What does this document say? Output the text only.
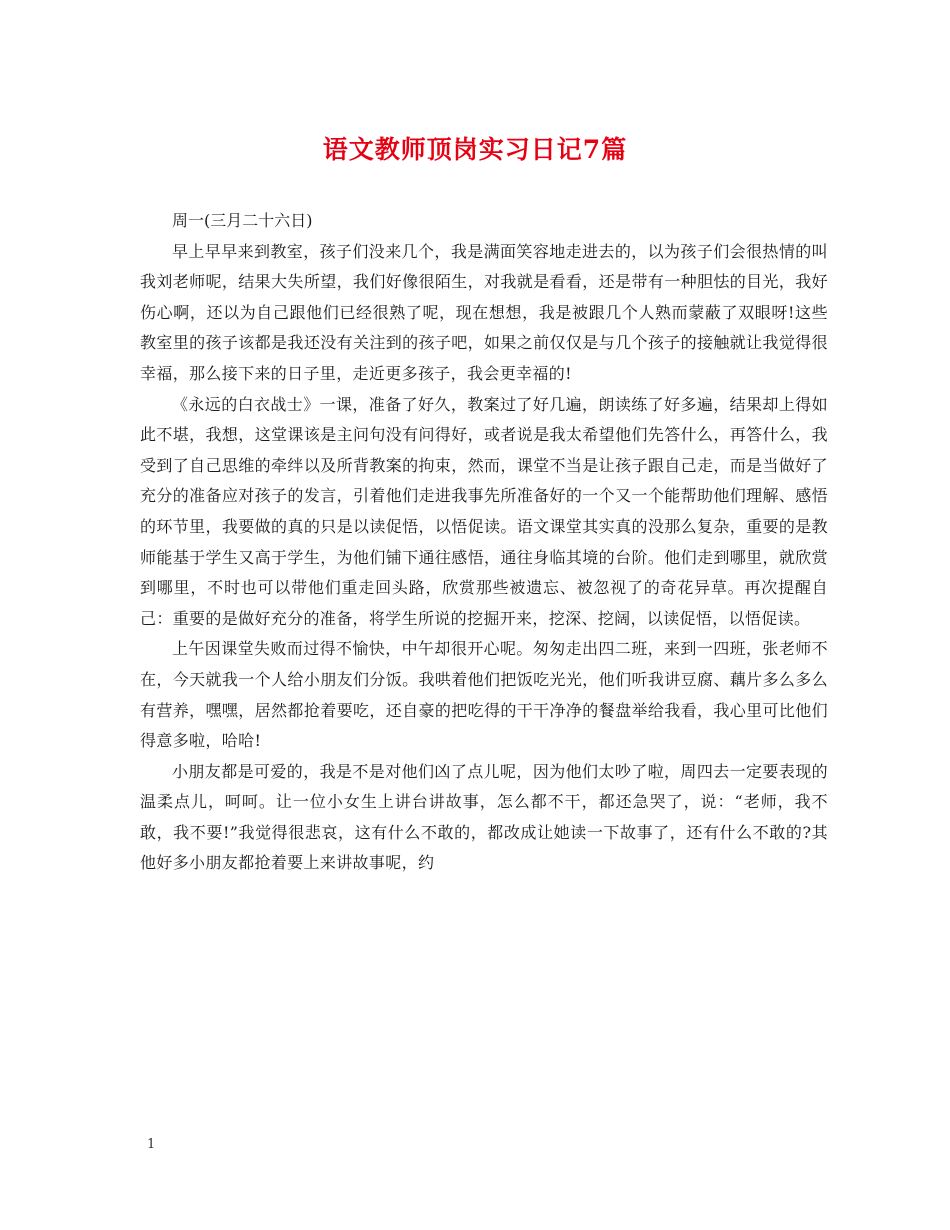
语文教师顶岗实习日记7篇

周一(三月二十六日)

早上早早来到教室，孩子们没来几个，我是满面笑容地走进去的，以为孩子们会很热情的叫我刘老师呢，结果大失所望，我们好像很陌生，对我就是看看，还是带有一种胆怯的目光，我好伤心啊，还以为自己跟他们已经很熟了呢，现在想想，我是被跟几个人熟而蒙蔽了双眼呀!这些教室里的孩子该都是我还没有关注到的孩子吧，如果之前仅仅是与几个孩子的接触就让我觉得很幸福，那么接下来的日子里，走近更多孩子，我会更幸福的!

《永远的白衣战士》一课，准备了好久，教案过了好几遍，朗读练了好多遍，结果却上得如此不堪，我想，这堂课该是主问句没有问得好，或者说是我太希望他们先答什么，再答什么，我受到了自己思维的牵绊以及所背教案的拘束，然而，课堂不当是让孩子跟自己走，而是当做好了充分的准备应对孩子的发言，引着他们走进我事先所准备好的一个又一个能帮助他们理解、感悟的环节里，我要做的真的只是以读促悟，以悟促读。语文课堂其实真的没那么复杂，重要的是教师能基于学生又高于学生，为他们铺下通往感悟，通往身临其境的台阶。他们走到哪里，就欣赏到哪里，不时也可以带他们重走回头路，欣赏那些被遗忘、被忽视了的奇花异草。再次提醒自己：重要的是做好充分的准备，将学生所说的挖掘开来，挖深、挖阔，以读促悟，以悟促读。

上午因课堂失败而过得不愉快，中午却很开心呢。匆匆走出四二班，来到一四班，张老师不在，今天就我一个人给小朋友们分饭。我哄着他们把饭吃光光，他们听我讲豆腐、藕片多么多么有营养，嘿嘿，居然都抢着要吃，还自豪的把吃得的干干净净的餐盘举给我看，我心里可比他们得意多啦，哈哈!

小朋友都是可爱的，我是不是对他们凶了点儿呢，因为他们太吵了啦，周四去一定要表现的温柔点儿，呵呵。让一位小女生上讲台讲故事，怎么都不干，都还急哭了，说：“老师，我不敢，我不要!”我觉得很悲哀，这有什么不敢的，都改成让她读一下故事了，还有什么不敢的?其他好多小朋友都抢着要上来讲故事呢，约

1
